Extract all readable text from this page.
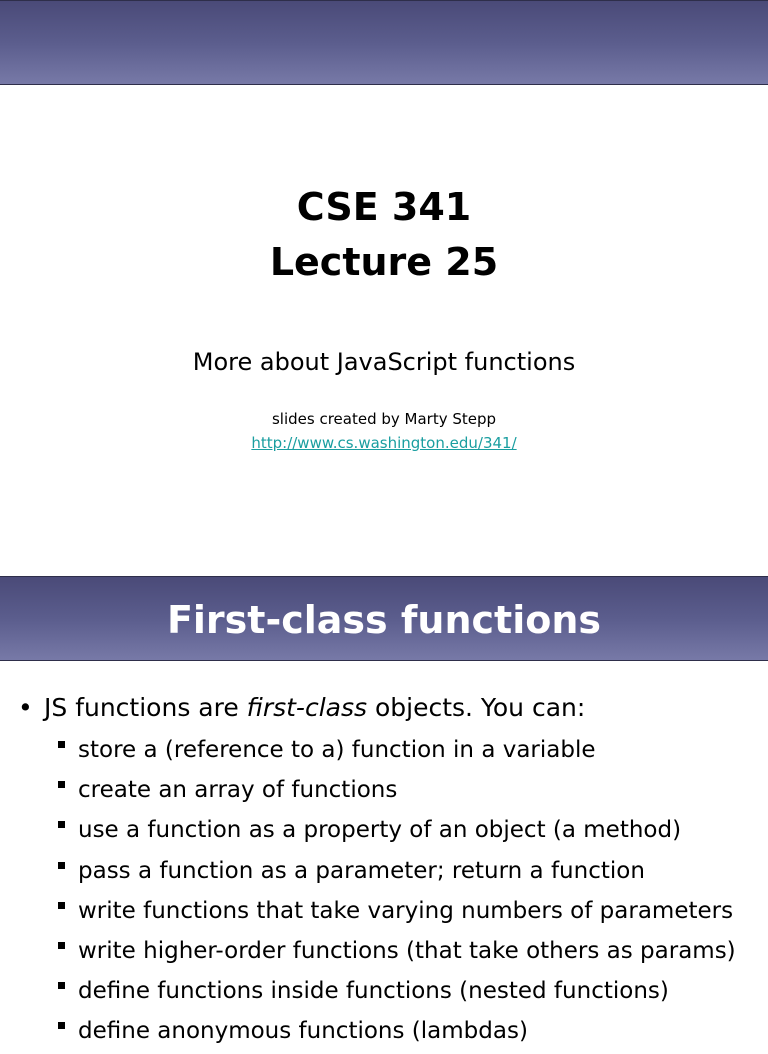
CSE 341
Lecture 25
More about JavaScript functions
slides created by Marty Stepp
http://www.cs.washington.edu/341/
First-class functions
• JS functions are first-class objects. You can:
store a (reference to a) function in a variable
create an array of functions
use a function as a property of an object (a method)
pass a function as a parameter; return a function
write functions that take varying numbers of parameters
write higher-order functions (that take others as params)
define functions inside functions (nested functions)
define anonymous functions (lambdas)
